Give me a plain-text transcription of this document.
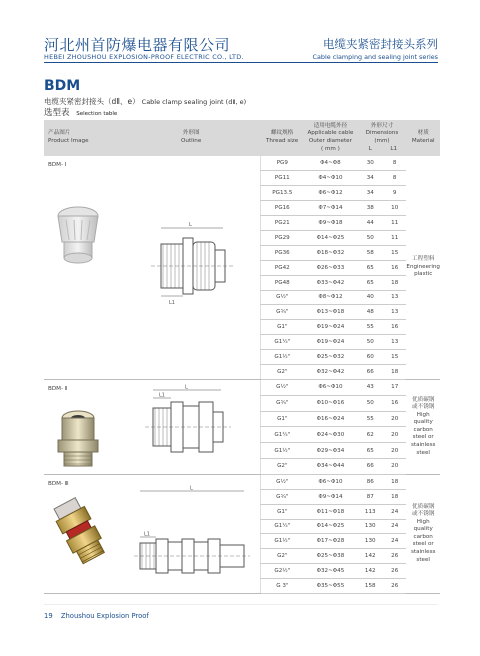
河北州首防爆电器有限公司
HEBEI ZHOUSHOU EXPLOSION-PROOF ELECTRIC CO., LTD.
电缆夹紧密封接头系列
Cable clamping and sealing joint series
BDM
电缆夹紧密封接头（dⅡ、e） Cable clamp sealing joint (dⅡ, e)
选型表 Selection table
产品图片
Product Image	外形图
Outline	螺纹规格
Thread size	适用电缆外径
Applicable cable
Outer diameter
( mm )	外形尺寸
Dimensions (mm)
L L1		材质
Material

BDM- Ⅰ	L
L1	PG9	Φ4~Φ8	30	8	工程塑料
Engineering
plastic
		PG11	Φ4~Φ10	34	8	
		PG13.5	Φ6~Φ12	34	9	
		PG16	Φ7~Φ14	38	10	
		PG21	Φ9~Φ18	44	11	
		PG29	Φ14~Φ25	50	11	
		PG36	Φ18~Φ32	58	15	
		PG42	Φ26~Φ33	65	16	
		PG48	Φ33~Φ42	65	18	
		G½"	Φ8~Φ12	40	13	
		G¾"	Φ13~Φ18	48	13	
		G1"	Φ19~Φ24	55	16	
		G1¼"	Φ19~Φ24	50	13	
		G1½"	Φ25~Φ32	60	15	
		G2"	Φ32~Φ42	66	18	

BDM- Ⅱ	L
L1	G½"	Φ6~Φ10	43	17	优质碳钢
或不锈钢
High quality
carbon steel or
stainless steel
		G¾"	Φ10~Φ16	50	16	
		G1"	Φ16~Φ24	55	20	
		G1¼"	Φ24~Φ30	62	20	
		G1½"	Φ29~Φ34	65	20	
		G2"	Φ34~Φ44	66	20	

BDM- Ⅲ	L
L1	G½"	Φ6~Φ10	86	18	优质碳钢
或不锈钢
High quality
carbon steel or
stainless steel
		G¾"	Φ9~Φ14	87	18	
		G1"	Φ11~Φ18	113	24	
		G1¼"	Φ14~Φ25	130	24	
		G1½"	Φ17~Φ28	130	24	
		G2"	Φ25~Φ38	142	26	
		G2½"	Φ32~Φ45	142	26	
		G 3"	Φ35~Φ55	158	26	
19 Zhoushou Explosion Proof
